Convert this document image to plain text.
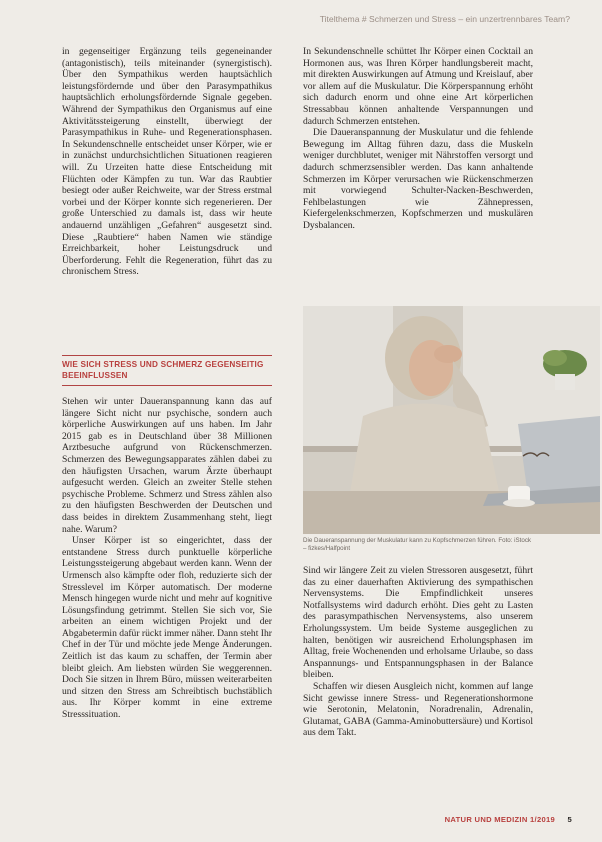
Titelthema # Schmerzen und Stress – ein unzertrennbares Team?

in gegenseitiger Ergänzung teils gegeneinander (antagonistisch), teils miteinander (synergistisch). Über den Sympathikus werden hauptsächlich leistungsfördernde und über den Parasympathikus hauptsächlich erholungsfördernde Signale gegeben. Während der Sympathikus den Organismus auf eine Aktivitätssteigerung einstellt, überwiegt der Parasympathikus in Ruhe- und Regenerationsphasen. In Sekundenschnelle entscheidet unser Körper, wie er in zunächst undurchsichtlichen Situationen reagieren will. Zu Urzeiten hatte diese Entscheidung mit Flüchten oder Kämpfen zu tun. War das Raubtier besiegt oder außer Reichweite, war der Stress erstmal vorbei und der Körper konnte sich regenerieren. Der große Unterschied zu damals ist, dass wir heute andauernd unzähligen „Gefahren“ ausgesetzt sind. Diese „Raubtiere“ haben Namen wie ständige Erreichbarkeit, hoher Leistungsdruck und Überforderung. Fehlt die Regeneration, führt das zu chronischem Stress.

WIE SICH STRESS UND SCHMERZ GEGENSEITIG BEEINFLUSSEN

Stehen wir unter Daueranspannung kann das auf längere Sicht nicht nur psychische, sondern auch körperliche Auswirkungen auf uns haben. Im Jahr 2015 gab es in Deutschland über 38 Millionen Arztbesuche aufgrund von Rückenschmerzen. Schmerzen des Bewegungsapparates zählen dabei zu den häufigsten Ursachen, warum Ärzte überhaupt aufgesucht werden. Gleich an zweiter Stelle stehen psychische Probleme. Schmerz und Stress zählen also zu den häufigsten Beschwerden der Deutschen und dass beides in direktem Zusammenhang steht, liegt nahe. Warum?

Unser Körper ist so eingerichtet, dass der entstandene Stress durch punktuelle körperliche Leistungssteigerung abgebaut werden kann. Wenn der Urmensch also kämpfte oder floh, reduzierte sich der Stresslevel im Körper automatisch. Der moderne Mensch hingegen wurde nicht und mehr auf kognitive Lösungsfindung getrimmt. Stellen Sie sich vor, Sie arbeiten an einem wichtigen Projekt und der Abgabetermin dafür rückt immer näher. Dann steht Ihr Chef in der Tür und möchte jede Menge Änderungen. Zeitlich ist das kaum zu schaffen, der Termin aber bleibt gleich. Am liebsten würden Sie weggerennen. Doch Sie sitzen in Ihrem Büro, müssen weiterarbeiten und sitzen den Stress am Schreibtisch buchstäblich aus. Ihr Körper kommt in eine extreme Stresssituation.

In Sekundenschnelle schüttet Ihr Körper einen Cocktail an Hormonen aus, was Ihren Körper handlungsbereit macht, mit direkten Auswirkungen auf Atmung und Kreislauf, aber vor allem auf die Muskulatur. Die Körperspannung erhöht sich dadurch enorm und ohne eine Art körperlichen Stressabbau können anhaltende Verspannungen und dadurch Schmerzen entstehen.

Die Daueranspannung der Muskulatur und die fehlende Bewegung im Alltag führen dazu, dass die Muskeln weniger durchblutet, weniger mit Nährstoffen versorgt und dadurch schmerzsensibler werden. Das kann anhaltende Schmerzen im Körper verursachen wie Rückenschmerzen mit vorwiegend Schulter-Nacken-Beschwerden, Fehlbelastungen wie Zähnepressen, Kiefergelenkschmerzen, Kopfschmerzen und muskulären Dysbalancen.

Die Daueranspannung der Muskulatur kann zu Kopfschmerzen führen. Foto: iStock – fizkes/Halfpoint

Sind wir längere Zeit zu vielen Stressoren ausgesetzt, führt das zu einer dauerhaften Aktivierung des sympathischen Nervensystems. Die Empfindlichkeit unseres Notfallsystems wird dadurch erhöht. Dies geht zu Lasten des parasympathischen Nervensystems, also unserem Erholungssystem. Um beide Systeme ausgeglichen zu halten, benötigen wir ausreichend Erholungsphasen im Alltag, freie Wochenenden und erholsame Urlaube, so dass Anspannungs- und Entspannungsphasen in der Balance bleiben.

Schaffen wir diesen Ausgleich nicht, kommen auf lange Sicht gewisse innere Stress- und Regenerationshormone wie Serotonin, Melatonin, Noradrenalin, Adrenalin, Glutamat, GABA (Gamma-Aminobuttersäure) und Kortisol aus dem Takt.

NATUR UND MEDIZIN 1/2019 5
